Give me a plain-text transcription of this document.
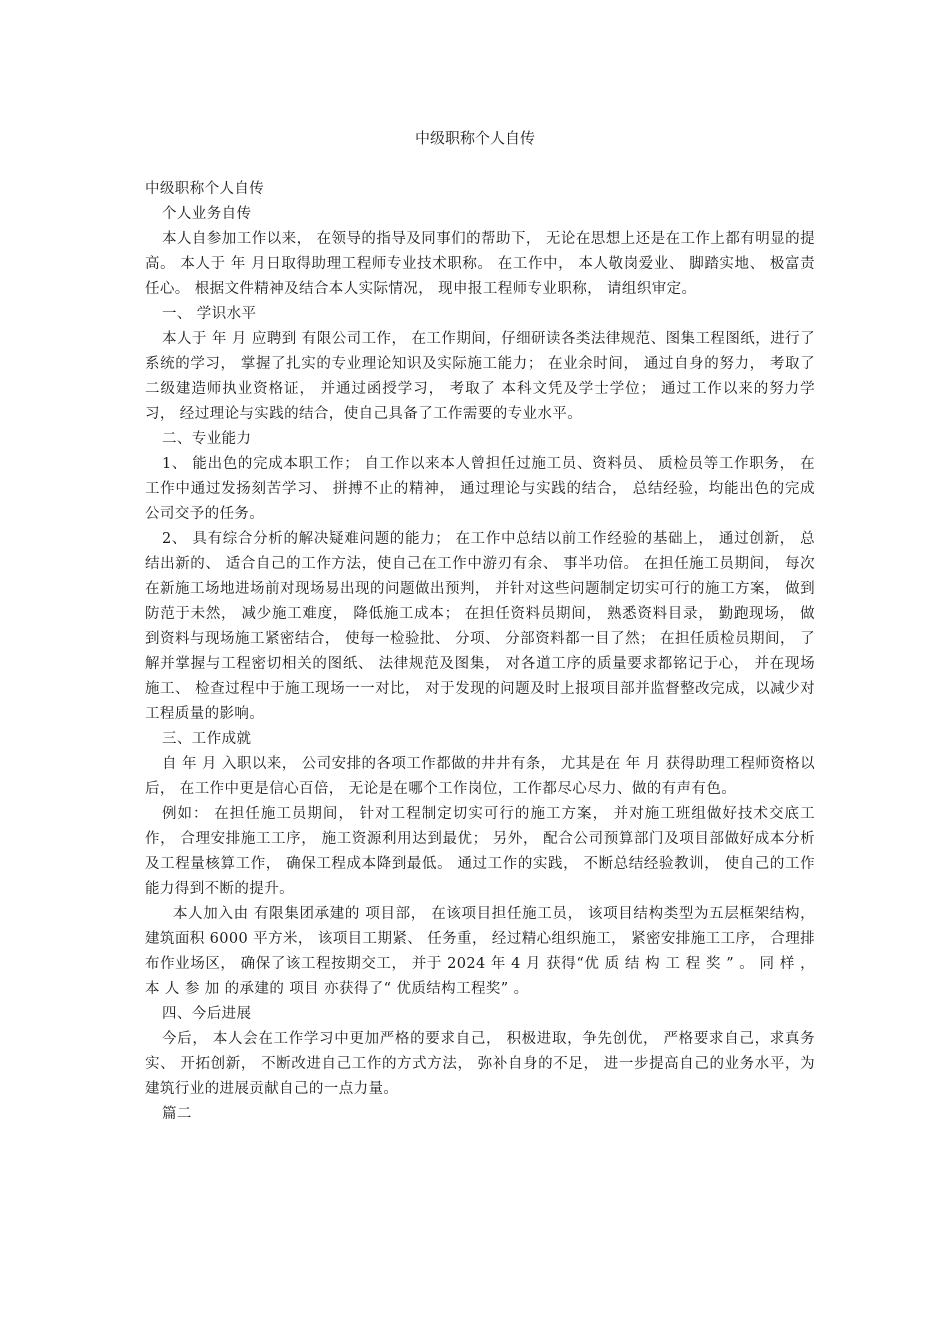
中级职称个人自传

中级职称个人自传

个人业务自传

本人自参加工作以来， 在领导的指导及同事们的帮助下， 无论在思想上还是在工作上都有明显的提高。 本人于 年 月日取得助理工程师专业技术职称。 在工作中， 本人敬岗爱业、 脚踏实地、 极富责任心。 根据文件精神及结合本人实际情况， 现申报工程师专业职称， 请组织审定。

一、 学识水平

本人于 年 月 应聘到 有限公司工作， 在工作期间，仔细研读各类法律规范、图集工程图纸，进行了系统的学习， 掌握了扎实的专业理论知识及实际施工能力； 在业余时间， 通过自身的努力， 考取了二级建造师执业资格证， 并通过函授学习， 考取了 本科文凭及学士学位； 通过工作以来的努力学习， 经过理论与实践的结合，使自己具备了工作需要的专业水平。

二、专业能力

1、 能出色的完成本职工作； 自工作以来本人曾担任过施工员、资料员、 质检员等工作职务， 在工作中通过发扬刻苦学习、 拼搏不止的精神， 通过理论与实践的结合， 总结经验，均能出色的完成公司交予的任务。

2、 具有综合分析的解决疑难问题的能力； 在工作中总结以前工作经验的基础上， 通过创新， 总结出新的、 适合自己的工作方法，使自己在工作中游刃有余、 事半功倍。 在担任施工员期间， 每次在新施工场地进场前对现场易出现的问题做出预判， 并针对这些问题制定切实可行的施工方案， 做到防范于未然， 减少施工难度， 降低施工成本； 在担任资料员期间， 熟悉资料目录， 勤跑现场， 做到资料与现场施工紧密结合， 使每一检验批、 分项、 分部资料都一目了然； 在担任质检员期间， 了解并掌握与工程密切相关的图纸、 法律规范及图集， 对各道工序的质量要求都铭记于心， 并在现场施工、 检查过程中于施工现场一一对比， 对于发现的问题及时上报项目部并监督整改完成，以减少对工程质量的影响。

三、工作成就

自 年 月 入职以来， 公司安排的各项工作都做的井井有条， 尤其是在 年 月 获得助理工程师资格以后， 在工作中更是信心百倍， 无论是在哪个工作岗位，工作都尽心尽力、做的有声有色。

例如： 在担任施工员期间， 针对工程制定切实可行的施工方案， 并对施工班组做好技术交底工作， 合理安排施工工序， 施工资源利用达到最优； 另外， 配合公司预算部门及项目部做好成本分析及工程量核算工作， 确保工程成本降到最低。 通过工作的实践， 不断总结经验教训， 使自己的工作能力得到不断的提升。

本人加入由 有限集团承建的 项目部， 在该项目担任施工员， 该项目结构类型为五层框架结构，建筑面积 6000 平方米， 该项目工期紧、 任务重， 经过精心组织施工， 紧密安排施工工序， 合理排布作业场区， 确保了该工程按期交工， 并于 2024 年 4 月 获得“优 质 结 构 工 程 奖 ” 。 同 样 ， 本 人 参 加 的承建的 项目 亦获得了“ 优质结构工程奖” 。

四、今后进展

今后， 本人会在工作学习中更加严格的要求自己， 积极进取，争先创优， 严格要求自己，求真务实、 开拓创新， 不断改进自己工作的方式方法， 弥补自身的不足， 进一步提高自己的业务水平，为建筑行业的进展贡献自己的一点力量。

篇二
